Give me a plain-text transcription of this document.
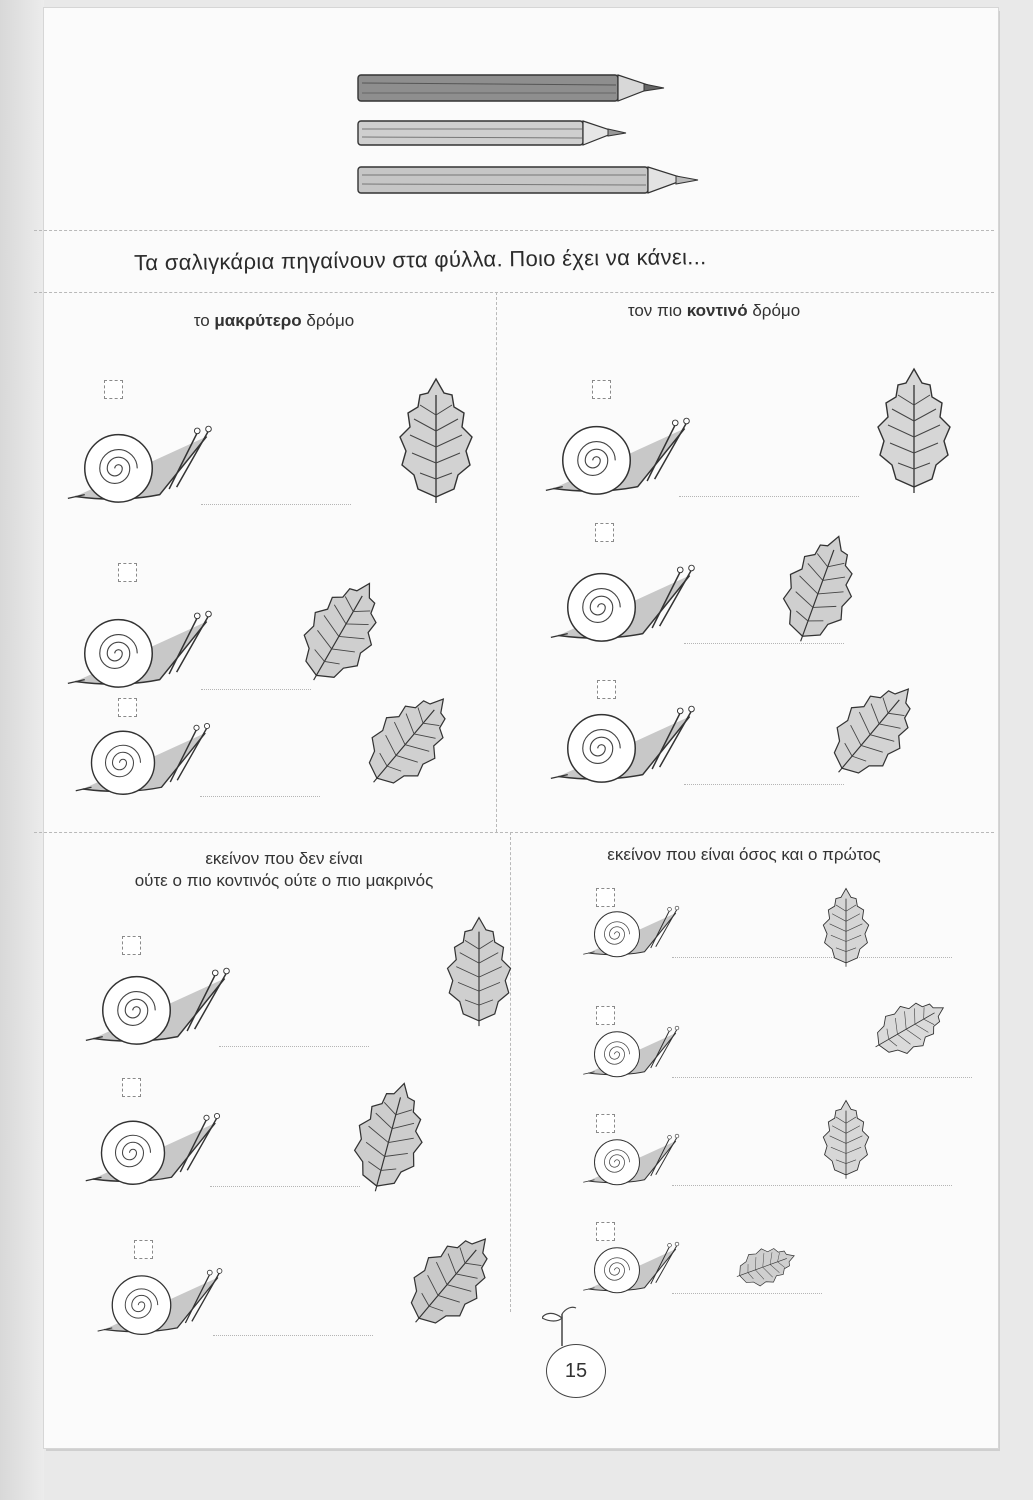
Τα σαλιγκάρια πηγαίνουν στα φύλλα. Ποιο έχει να κάνει...
το μακρύτερο δρόμο
τον πιο κοντινό δρόμο
εκείνον που δεν είναι
ούτε ο πιο κοντινός ούτε ο πιο μακρινός
εκείνον που είναι όσος και ο πρώτος
15
